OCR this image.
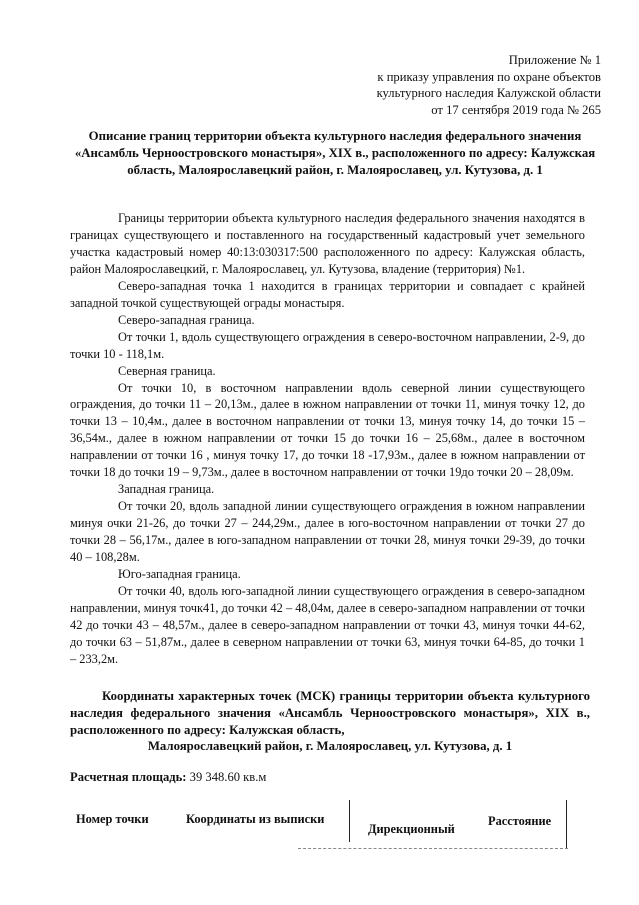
Приложение № 1
к приказу управления по охране объектов
культурного наследия Калужской области
от 17 сентября 2019 года № 265
Описание границ территории объекта культурного наследия федерального значения «Ансамбль Черноостровского монастыря», XIX в., расположенного по адресу: Калужская область, Малоярославецкий район, г. Малоярославец, ул. Кутузова, д. 1

Границы территории объекта культурного наследия федерального значения находятся в границах существующего и поставленного на государственный кадастровый учет земельного участка кадастровый номер 40:13:030317:500 расположенного по адресу: Калужская область, район Малоярославецкий, г. Малоярославец, ул. Кутузова, владение (территория) №1.

Северо-западная точка 1 находится в границах территории и совпадает с крайней западной точкой существующей ограды монастыря.

Северо-западная граница.

От точки 1, вдоль существующего ограждения в северо-восточном направлении, 2-9, до точки 10 - 118,1м.

Северная граница.

От точки 10, в восточном направлении вдоль северной линии существующего ограждения, до точки 11 – 20,13м., далее в южном направлении от точки 11, минуя точку 12, до точки 13 – 10,4м., далее в восточном направлении от точки 13, минуя точку 14, до точки 15 – 36,54м., далее в южном направлении от точки 15 до точки 16 – 25,68м., далее в восточном направлении от точки 16 , минуя точку 17, до точки 18 -17,93м., далее в южном направлении от точки 18 до точки 19 – 9,73м., далее в восточном направлении от точки 19до точки 20 – 28,09м.

Западная граница.

От точки 20, вдоль западной линии существующего ограждения в южном направлении минуя очки 21-26, до точки 27 – 244,29м., далее в юго-восточном направлении от точки 27 до точки 28 – 56,17м., далее в юго-западном направлении от точки 28, минуя точки 29-39, до точки 40 – 108,28м.

Юго-западная граница.

От точки 40, вдоль юго-западной линии существующего ограждения в северо-западном направлении, минуя точк41, до точки 42 – 48,04м, далее в северо-западном направлении от точки 42 до точки 43 – 48,57м., далее в северо-западном направлении от точки 43, минуя точки 44-62, до точки 63 – 51,87м., далее в северном направлении от точки 63, минуя точки 64-85, до точки 1 – 233,2м.

Координаты характерных точек (МСК) границы территории объекта культурного наследия федерального значения «Ансамбль Черноостровского монастыря», XIX в., расположенного по адресу: Калужская область,

Малоярославецкий район, г. Малоярославец, ул. Кутузова, д. 1

Расчетная площадь: 39 348.60 кв.м
Номер точки	Координаты из выписки
Дирекционный
Расстояние
